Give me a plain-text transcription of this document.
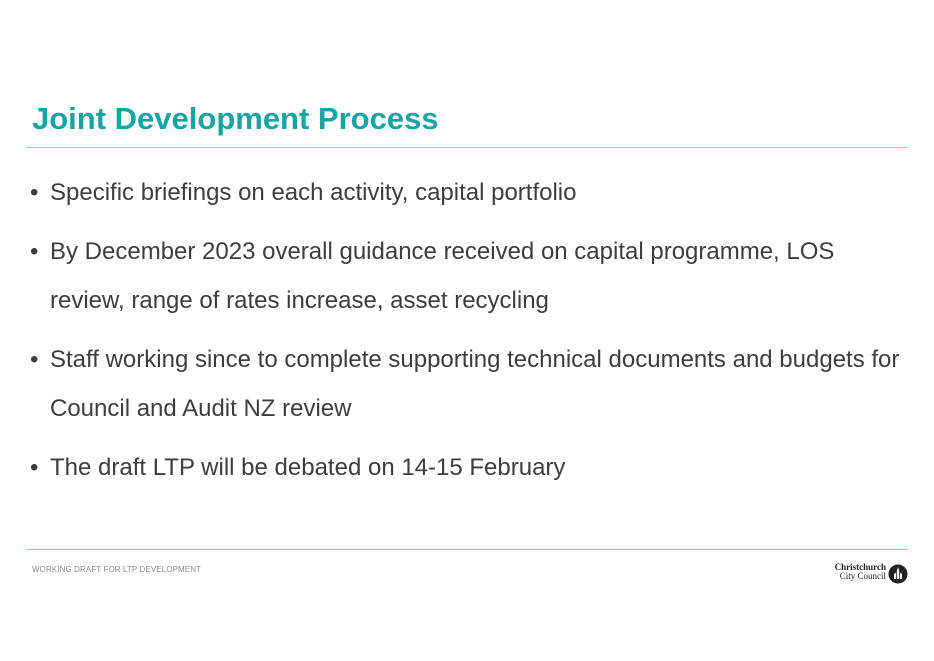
Joint Development Process
• Specific briefings on each activity, capital portfolio
• By December 2023 overall guidance received on capital programme, LOS review, range of rates increase, asset recycling
• Staff working since to complete supporting technical documents and budgets for Council and Audit NZ review
• The draft LTP will be debated on 14-15 February
WORKING DRAFT FOR LTP DEVELOPMENT	Christchurch
City Council
